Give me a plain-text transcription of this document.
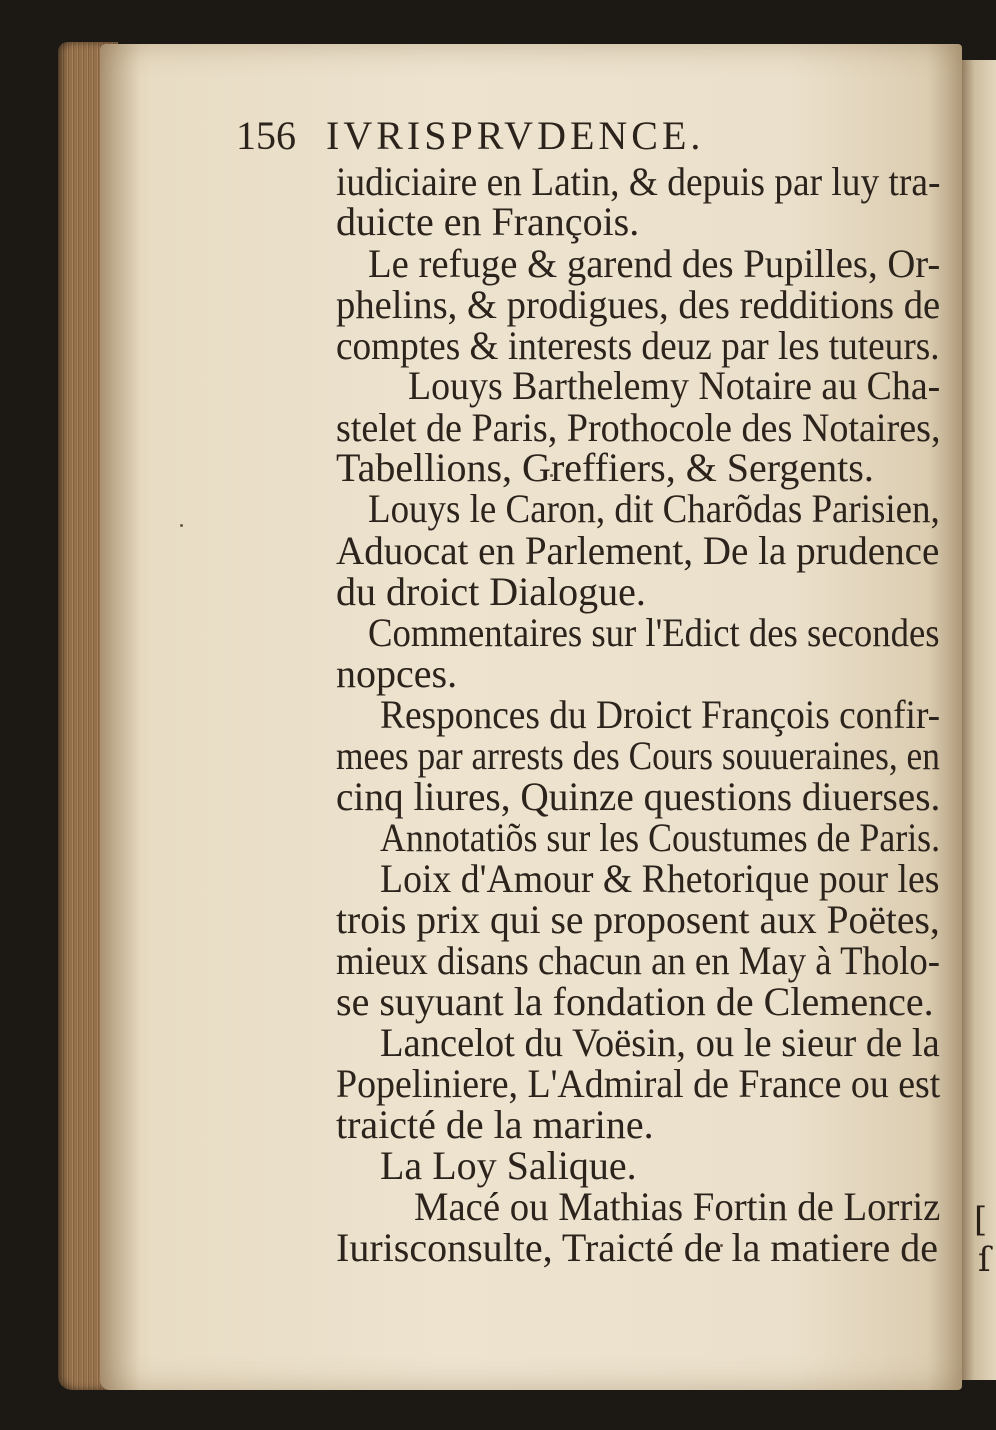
[
ſ
156 IVRISPRVDENCE.
iudiciaire en Latin, & depuis par luy tra-
duicte en François.
Le refuge & garend des Pupilles, Or-
phelins, & prodigues, des redditions de
comptes & interests deuz par les tuteurs.
Louys Barthelemy Notaire au Cha-
stelet de Paris, Prothocole des Notaires,
Tabellions, Greffiers, & Sergents.
Louys le Caron, dit Charõdas Parisien,
Aduocat en Parlement, De la prudence
du droict Dialogue.
Commentaires sur l'Edict des secondes
nopces.
Responces du Droict François confir-
mees par arrests des Cours souueraines, en
cinq liures, Quinze questions diuerses.
Annotatiõs sur les Coustumes de Paris.
Loix d'Amour & Rhetorique pour les
trois prix qui se proposent aux Poëtes,
mieux disans chacun an en May à Tholo-
se suyuant la fondation de Clemence.
Lancelot du Voësin, ou le sieur de la
Popeliniere, L'Admiral de France ou est
traicté de la marine.
La Loy Salique.
Macé ou Mathias Fortin de Lorriz
Iurisconsulte, Traicté de la matiere de
